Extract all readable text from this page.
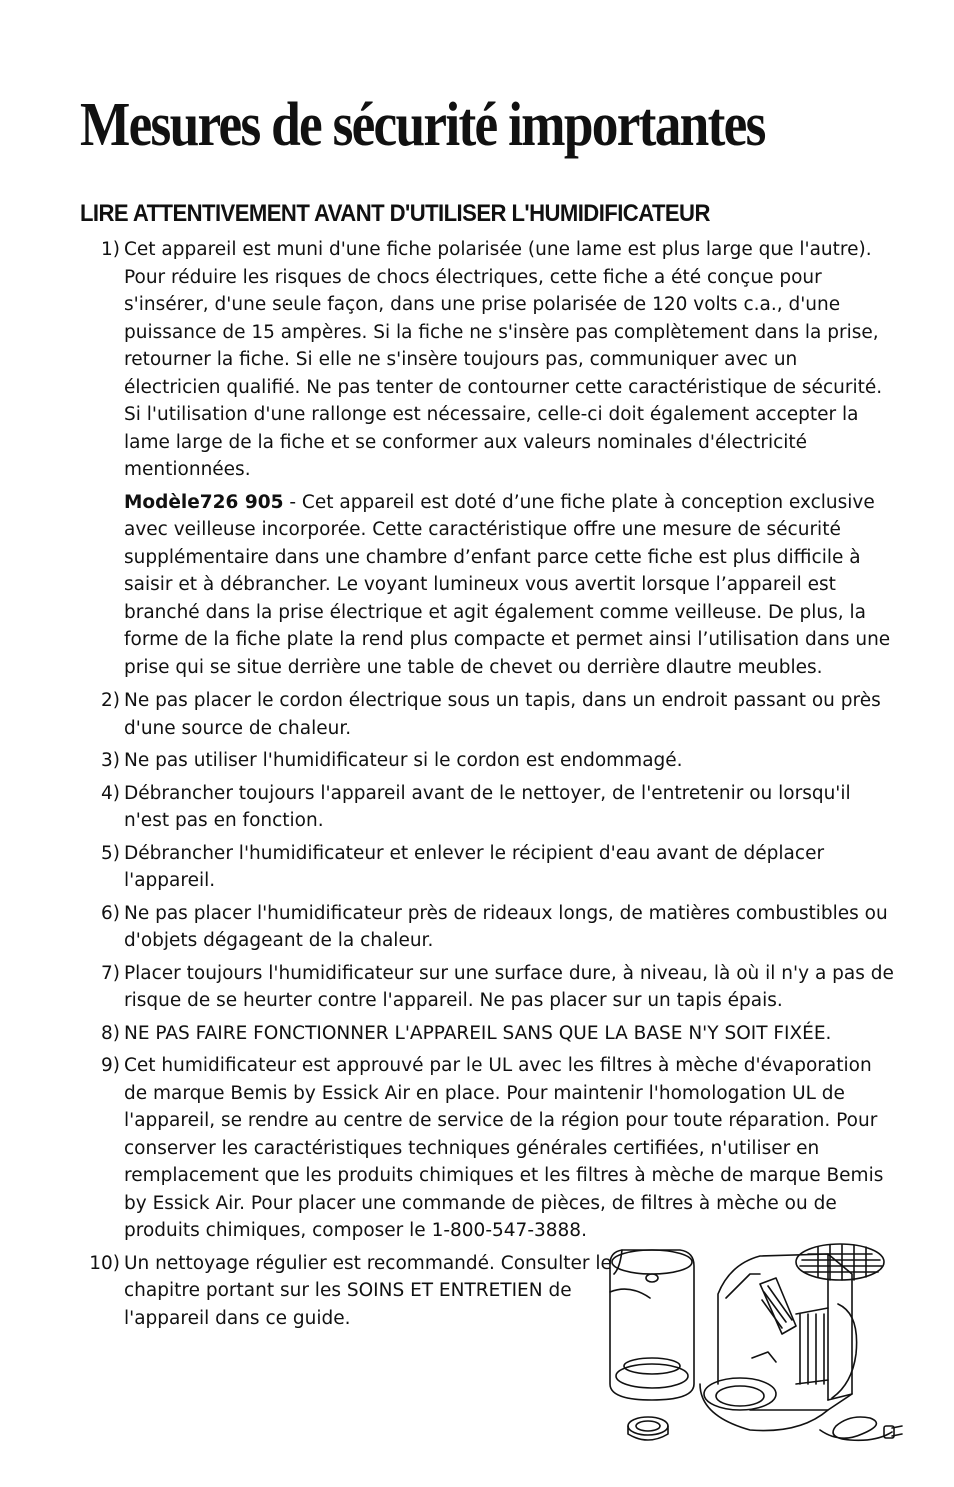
Mesures de sécurité importantes
LIRE ATTENTIVEMENT AVANT D'UTILISER L'HUMIDIFICATEUR
1) Cet appareil est muni d'une fiche polarisée (une lame est plus large que l'autre). Pour réduire les risques de chocs électriques, cette fiche a été conçue pour s'insérer, d'une seule façon, dans une prise polarisée de 120 volts c.a., d'une puissance de 15 ampères. Si la fiche ne s'insère pas complètement dans la prise, retourner la fiche. Si elle ne s'insère toujours pas, communiquer avec un électricien qualifié. Ne pas tenter de contourner cette caractéristique de sécurité. Si l'utilisation d'une rallonge est nécessaire, celle-ci doit également accepter la lame large de la fiche et se conformer aux valeurs nominales d'électricité mentionnées.
Modèle726 905 - Cet appareil est doté d’une fiche plate à conception exclusive avec veilleuse incorporée. Cette caractéristique offre une mesure de sécurité supplémentaire dans une chambre d’enfant parce cette fiche est plus difficile à saisir et à débrancher. Le voyant lumineux vous avertit lorsque l’appareil est branché dans la prise électrique et agit également comme veilleuse. De plus, la forme de la fiche plate la rend plus compacte et permet ainsi l’utilisation dans une prise qui se situe derrière une table de chevet ou derrière dlautre meubles.
2) Ne pas placer le cordon électrique sous un tapis, dans un endroit passant ou près d'une source de chaleur.
3) Ne pas utiliser l'humidificateur si le cordon est endommagé.
4) Débrancher toujours l'appareil avant de le nettoyer, de l'entretenir ou lorsqu'il n'est pas en fonction.
5) Débrancher l'humidificateur et enlever le récipient d'eau avant de déplacer l'appareil.
6) Ne pas placer l'humidificateur près de rideaux longs, de matières combustibles ou d'objets dégageant de la chaleur.
7) Placer toujours l'humidificateur sur une surface dure, à niveau, là où il n'y a pas de risque de se heurter contre l'appareil. Ne pas placer sur un tapis épais.
8) NE PAS FAIRE FONCTIONNER L'APPAREIL SANS QUE LA BASE N'Y SOIT FIXÉE.
9) Cet humidificateur est approuvé par le UL avec les filtres à mèche d'évaporation de marque Bemis by Essick Air en place. Pour maintenir l'homologation UL de l'appareil, se rendre au centre de service de la région pour toute réparation. Pour conserver les caractéristiques techniques générales certifiées, n'utiliser en remplacement que les produits chimiques et les filtres à mèche de marque Bemis by Essick Air. Pour placer une commande de pièces, de filtres à mèche ou de produits chimiques, composer le 1-800-547-3888.
10) Un nettoyage régulier est recommandé. Consulter le chapitre portant sur les SOINS ET ENTRETIEN de l'appareil dans ce guide.
